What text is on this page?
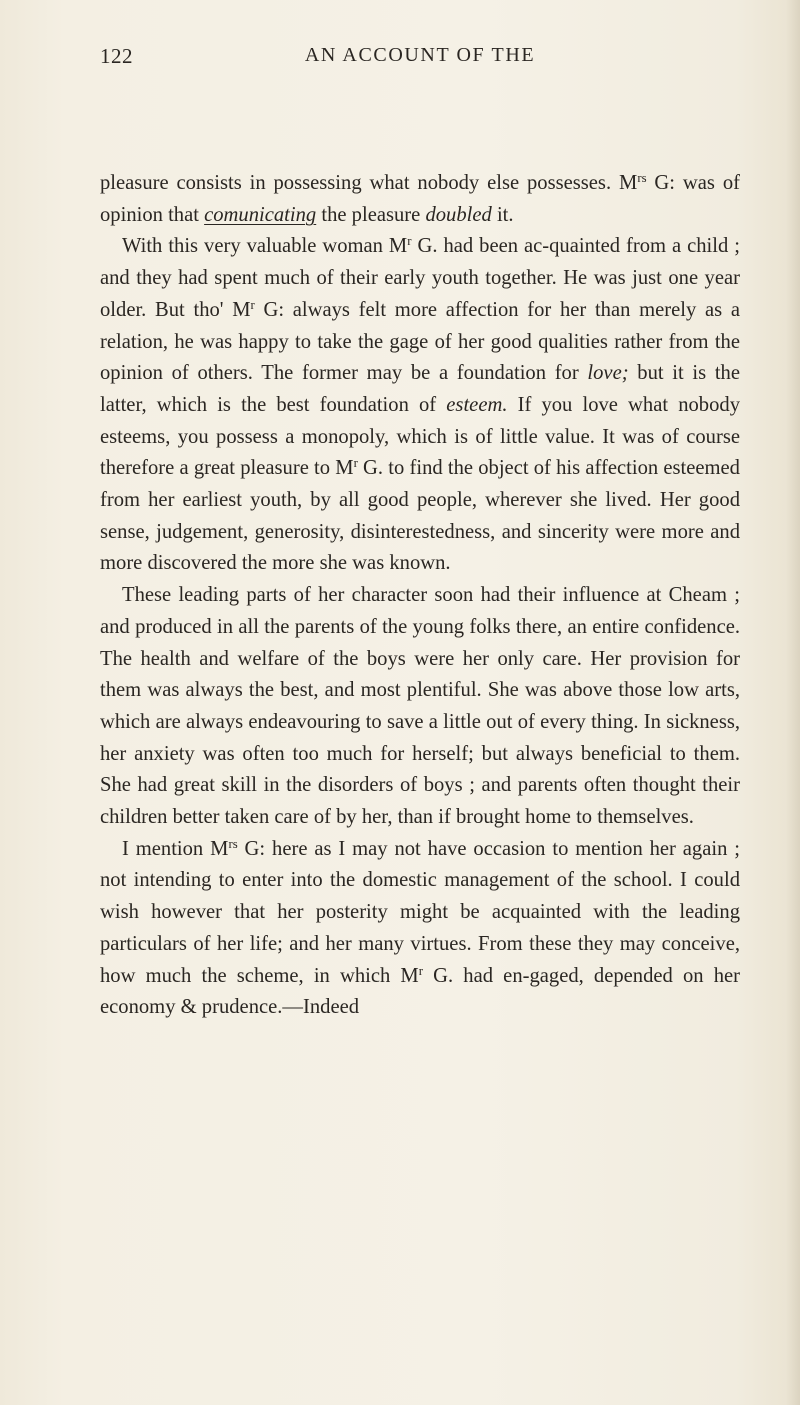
122	AN ACCOUNT OF THE

pleasure consists in possessing what nobody else possesses. $M^{rs}$ G: was of opinion that comunicating the pleasure doubled it.

With this very valuable woman $M^r$ G. had been ac-quainted from a child ; and they had spent much of their early youth together. He was just one year older. But tho' $M^r$ G: always felt more affection for her than merely as a relation, he was happy to take the gage of her good qualities rather from the opinion of others. The former may be a foundation for love; but it is the latter, which is the best foundation of esteem. If you love what nobody esteems, you possess a monopoly, which is of little value. It was of course therefore a great pleasure to $M^r$ G. to find the object of his affection esteemed from her earliest youth, by all good people, wherever she lived. Her good sense, judgement, generosity, disinterestedness, and sincerity were more and more discovered the more she was known.

These leading parts of her character soon had their influence at Cheam ; and produced in all the parents of the young folks there, an entire confidence. The health and welfare of the boys were her only care. Her provision for them was always the best, and most plentiful. She was above those low arts, which are always endeavouring to save a little out of every thing. In sickness, her anxiety was often too much for herself; but always beneficial to them. She had great skill in the disorders of boys ; and parents often thought their children better taken care of by her, than if brought home to themselves.

I mention $M^{rs}$ G: here as I may not have occasion to mention her again ; not intending to enter into the domestic management of the school. I could wish however that her posterity might be acquainted with the leading particulars of her life; and her many virtues. From these they may conceive, how much the scheme, in which $M^r$ G. had en-gaged, depended on her economy & prudence.—Indeed
